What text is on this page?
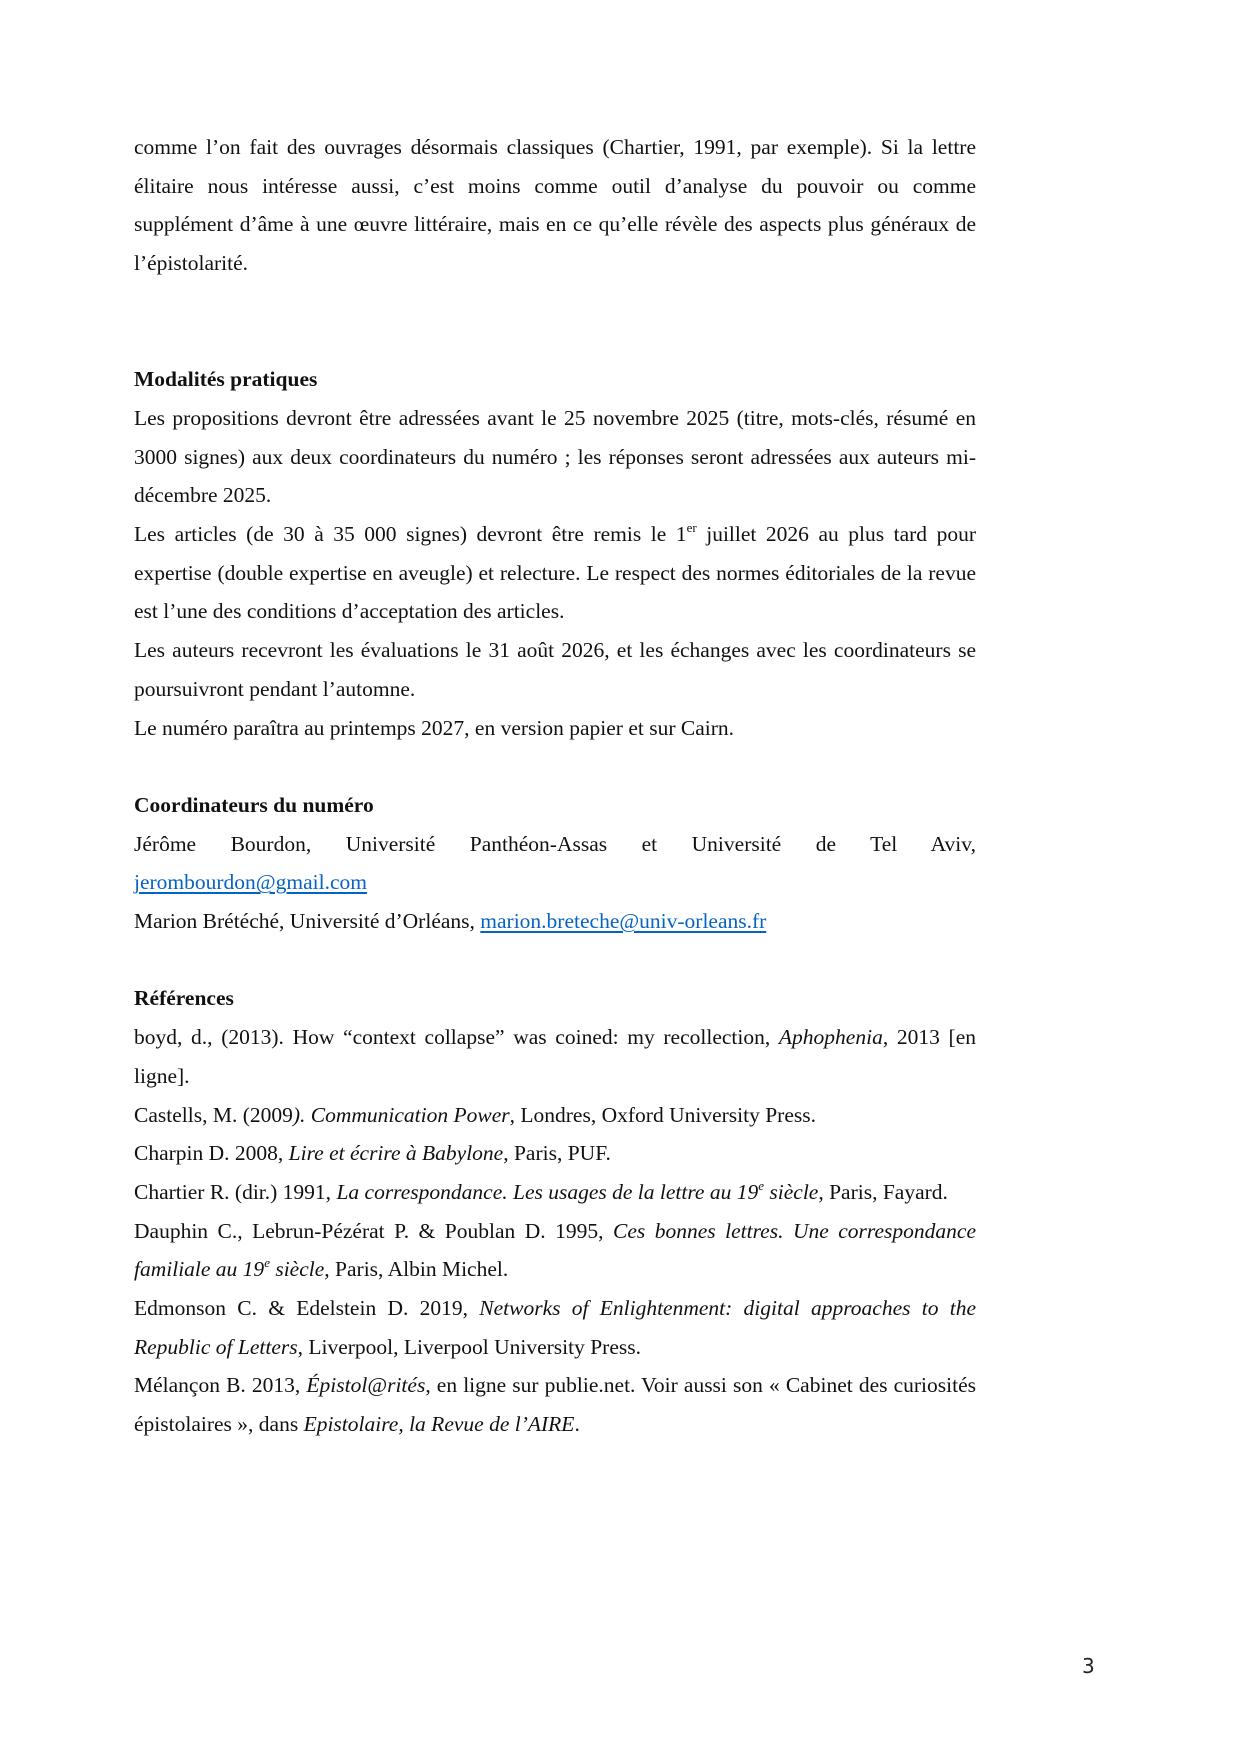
comme l’on fait des ouvrages désormais classiques (Chartier, 1991, par exemple). Si la lettre élitaire nous intéresse aussi, c’est moins comme outil d’analyse du pouvoir ou comme supplément d’âme à une œuvre littéraire, mais en ce qu’elle révèle des aspects plus généraux de l’épistolarité.

Modalités pratiques

Les propositions devront être adressées avant le 25 novembre 2025 (titre, mots-clés, résumé en 3000 signes) aux deux coordinateurs du numéro ; les réponses seront adressées aux auteurs mi-décembre 2025.

Les articles (de 30 à 35 000 signes) devront être remis le 1er juillet 2026 au plus tard pour expertise (double expertise en aveugle) et relecture. Le respect des normes éditoriales de la revue est l’une des conditions d’acceptation des articles.

Les auteurs recevront les évaluations le 31 août 2026, et les échanges avec les coordinateurs se poursuivront pendant l’automne.

Le numéro paraîtra au printemps 2027, en version papier et sur Cairn.

Coordinateurs du numéro

Jérôme Bourdon, Université Panthéon-Assas et Université de Tel Aviv,

jerombourdon@gmail.com

Marion Brétéché, Université d’Orléans, marion.breteche@univ-orleans.fr

Références

boyd, d., (2013). How “context collapse” was coined: my recollection, Aphophenia, 2013 [en ligne].

Castells, M. (2009). Communication Power, Londres, Oxford University Press.

Charpin D. 2008, Lire et écrire à Babylone, Paris, PUF.

Chartier R. (dir.) 1991, La correspondance. Les usages de la lettre au 19e siècle, Paris, Fayard.

Dauphin C., Lebrun-Pézérat P. & Poublan D. 1995, Ces bonnes lettres. Une correspondance familiale au 19e siècle, Paris, Albin Michel.

Edmonson C. & Edelstein D. 2019, Networks of Enlightenment: digital approaches to the Republic of Letters, Liverpool, Liverpool University Press.

Mélançon B. 2013, Épistol@rités, en ligne sur publie.net. Voir aussi son « Cabinet des curiosités épistolaires », dans Epistolaire, la Revue de l’AIRE.

3
